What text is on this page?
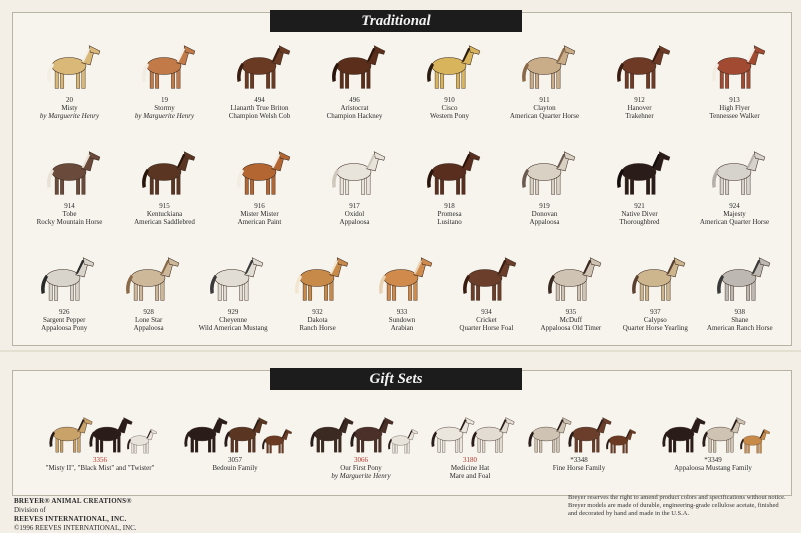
Traditional
20
Misty
by Marguerite Henry
19
Stormy
by Marguerite Henry
494
Llanarth True Briton
Champion Welsh Cob
496
Aristocrat
Champion Hackney
910
Cisco
Western Pony
911
Clayton
American Quarter Horse
912
Hanover
Trakehner
913
High Flyer
Tennessee Walker
914
Tobe
Rocky Mountain Horse
915
Kentuckiana
American Saddlebred
916
Mister Mister
American Paint
917
Oxidol
Appaloosa
918
Promesa
Lusitano
919
Donovan
Appaloosa
921
Native Diver
Thoroughbred
924
Majesty
American Quarter Horse
926
Sargent Pepper
Appaloosa Pony
928
Lone Star
Appaloosa
929
Cheyenne
Wild American Mustang
932
Dakota
Ranch Horse
933
Sundown
Arabian
934
Cricket
Quarter Horse Foal
935
McDuff
Appaloosa Old Timer
937
Calypso
Quarter Horse Yearling
938
Shane
American Ranch Horse
Gift Sets
3356
"Misty II", "Black Mist" and "Twister"
3057
Bedouin Family
3066
Our First Pony
by Marguerite Henry
3180
Medicine Hat
Mare and Foal
*3348
Fine Horse Family
*3349
Appaloosa Mustang Family
BREYER® ANIMAL CREATIONS®
Division of
REEVES INTERNATIONAL, INC.
©1996 REEVES INTERNATIONAL, INC.
Breyer reserves the right to amend product colors and specifications without notice. Breyer models are made of durable, engineering-grade cellulose acetate, finished and decorated by hand and made in the U.S.A.
